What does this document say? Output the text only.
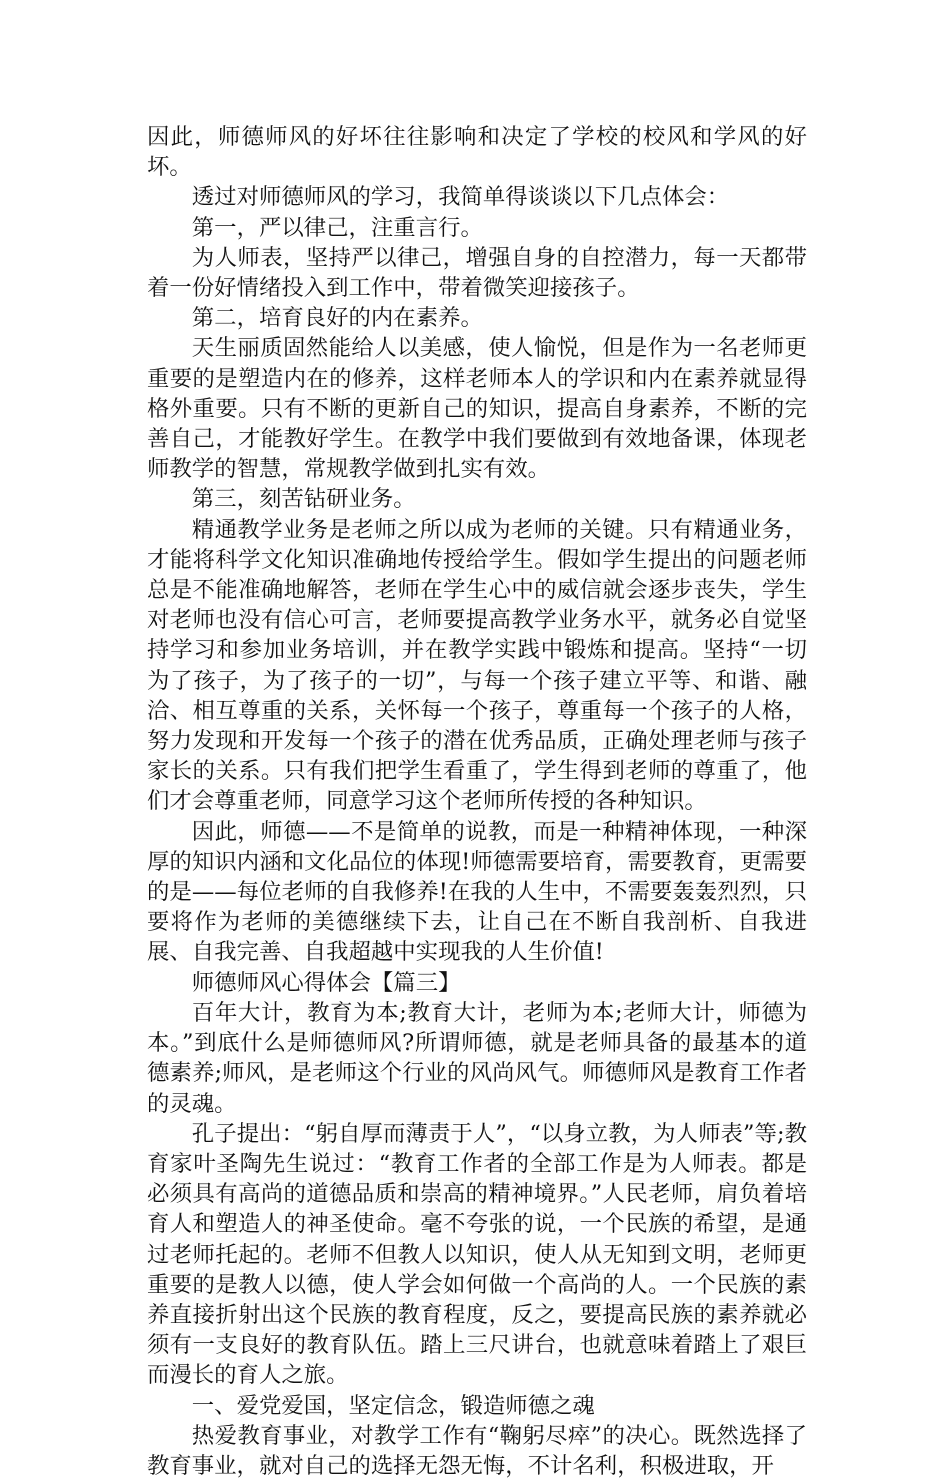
因此，师德师风的好坏往往影响和决定了学校的校风和学风的好坏。

透过对师德师风的学习，我简单得谈谈以下几点体会：

第一，严以律己，注重言行。

为人师表，坚持严以律己，增强自身的自控潜力，每一天都带着一份好情绪投入到工作中，带着微笑迎接孩子。

第二，培育良好的内在素养。

天生丽质固然能给人以美感，使人愉悦，但是作为一名老师更重要的是塑造内在的修养，这样老师本人的学识和内在素养就显得格外重要。只有不断的更新自己的知识，提高自身素养，不断的完善自己，才能教好学生。在教学中我们要做到有效地备课，体现老师教学的智慧，常规教学做到扎实有效。

第三，刻苦钻研业务。

精通教学业务是老师之所以成为老师的关键。只有精通业务，才能将科学文化知识准确地传授给学生。假如学生提出的问题老师总是不能准确地解答，老师在学生心中的威信就会逐步丧失，学生对老师也没有信心可言，老师要提高教学业务水平，就务必自觉坚持学习和参加业务培训，并在教学实践中锻炼和提高。坚持“一切为了孩子，为了孩子的一切”，与每一个孩子建立平等、和谐、融洽、相互尊重的关系，关怀每一个孩子，尊重每一个孩子的人格，努力发现和开发每一个孩子的潜在优秀品质，正确处理老师与孩子家长的关系。只有我们把学生看重了，学生得到老师的尊重了，他们才会尊重老师，同意学习这个老师所传授的各种知识。

因此，师德——不是简单的说教，而是一种精神体现，一种深厚的知识内涵和文化品位的体现!师德需要培育，需要教育，更需要的是——每位老师的自我修养!在我的人生中，不需要轰轰烈烈，只要将作为老师的美德继续下去，让自己在不断自我剖析、自我进展、自我完善、自我超越中实现我的人生价值!

师德师风心得体会【篇三】

百年大计，教育为本;教育大计，老师为本;老师大计，师德为本。”到底什么是师德师风?所谓师德，就是老师具备的最基本的道德素养;师风，是老师这个行业的风尚风气。师德师风是教育工作者的灵魂。

孔子提出：“躬自厚而薄责于人”，“以身立教，为人师表”等;教育家叶圣陶先生说过：“教育工作者的全部工作是为人师表。都是必须具有高尚的道德品质和崇高的精神境界。”人民老师，肩负着培育人和塑造人的神圣使命。毫不夸张的说，一个民族的希望，是通过老师托起的。老师不但教人以知识，使人从无知到文明，老师更重要的是教人以德，使人学会如何做一个高尚的人。一个民族的素养直接折射出这个民族的教育程度，反之，要提高民族的素养就必须有一支良好的教育队伍。踏上三尺讲台，也就意味着踏上了艰巨而漫长的育人之旅。

一、爱党爱国，坚定信念，锻造师德之魂

热爱教育事业，对教学工作有“鞠躬尽瘁”的决心。既然选择了教育事业，就对自己的选择无怨无悔，不计名利，积极进取，开
